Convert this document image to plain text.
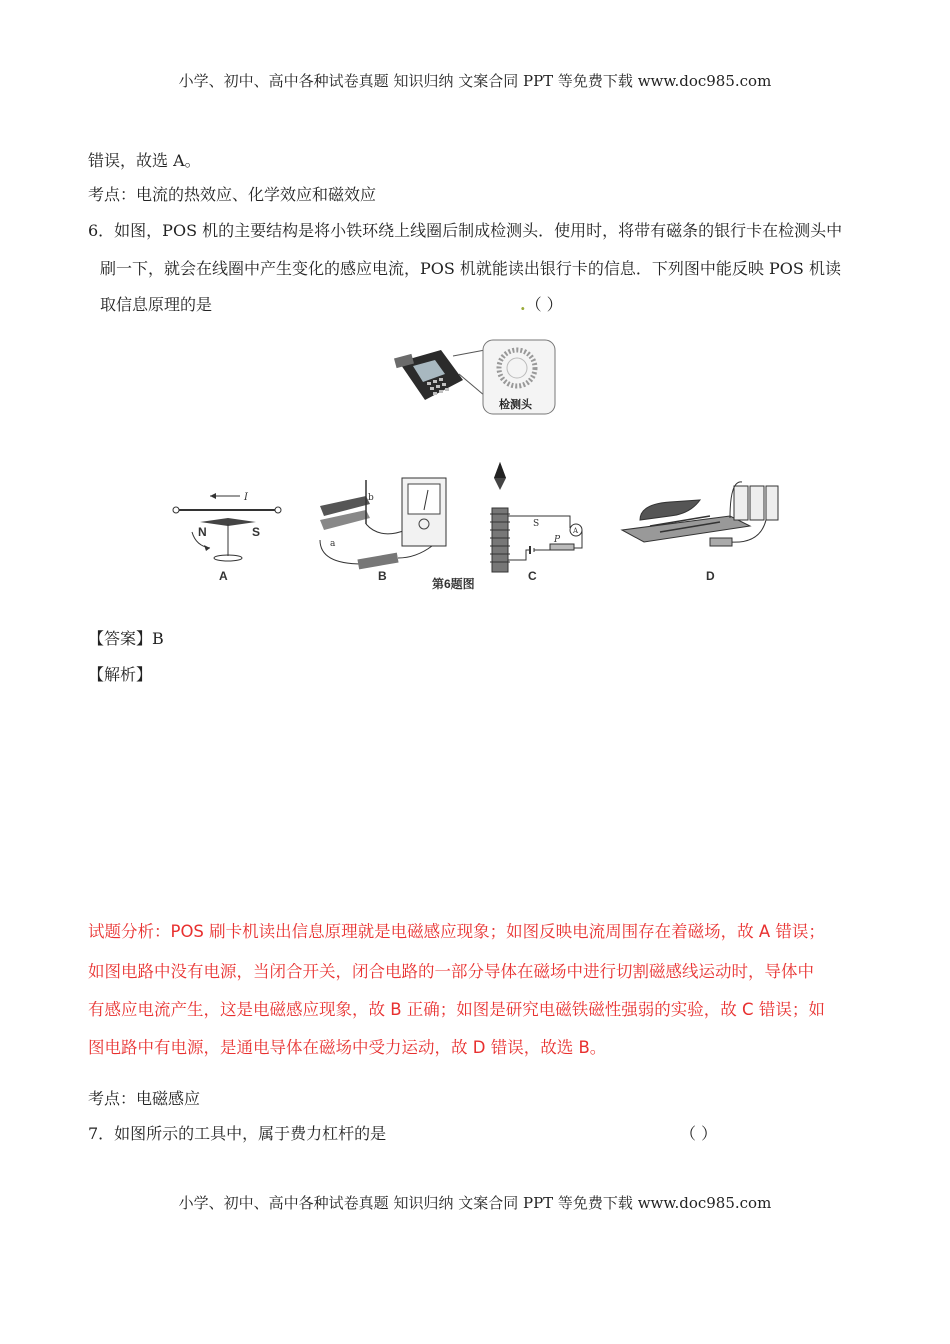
小学、初中、高中各种试卷真题 知识归纳 文案合同 PPT 等免费下载 www.doc985.com
错误，故选 A。
考点：电流的热效应、化学效应和磁效应
6．如图，POS 机的主要结构是将小铁环绕上线圈后制成检测头．使用时，将带有磁条的银行卡在检测头中
刷一下，就会在线圈中产生变化的感应电流，POS 机就能读出银行卡的信息．下列图中能反映 POS 机读
取信息原理的是	.（ ）
检测头
I
N	S
b
a
A
S
P
A	B	C	D
第6题图
【答案】B
【解析】
试题分析：POS 刷卡机读出信息原理就是电磁感应现象；如图反映电流周围存在着磁场，故 A 错误；
如图电路中没有电源，当闭合开关，闭合电路的一部分导体在磁场中进行切割磁感线运动时，导体中
有感应电流产生，这是电磁感应现象，故 B 正确；如图是研究电磁铁磁性强弱的实验，故 C 错误；如
图电路中有电源，是通电导体在磁场中受力运动，故 D 错误，故选 B。
考点：电磁感应
7．如图所示的工具中，属于费力杠杆的是	（ ）
小学、初中、高中各种试卷真题 知识归纳 文案合同 PPT 等免费下载 www.doc985.com
